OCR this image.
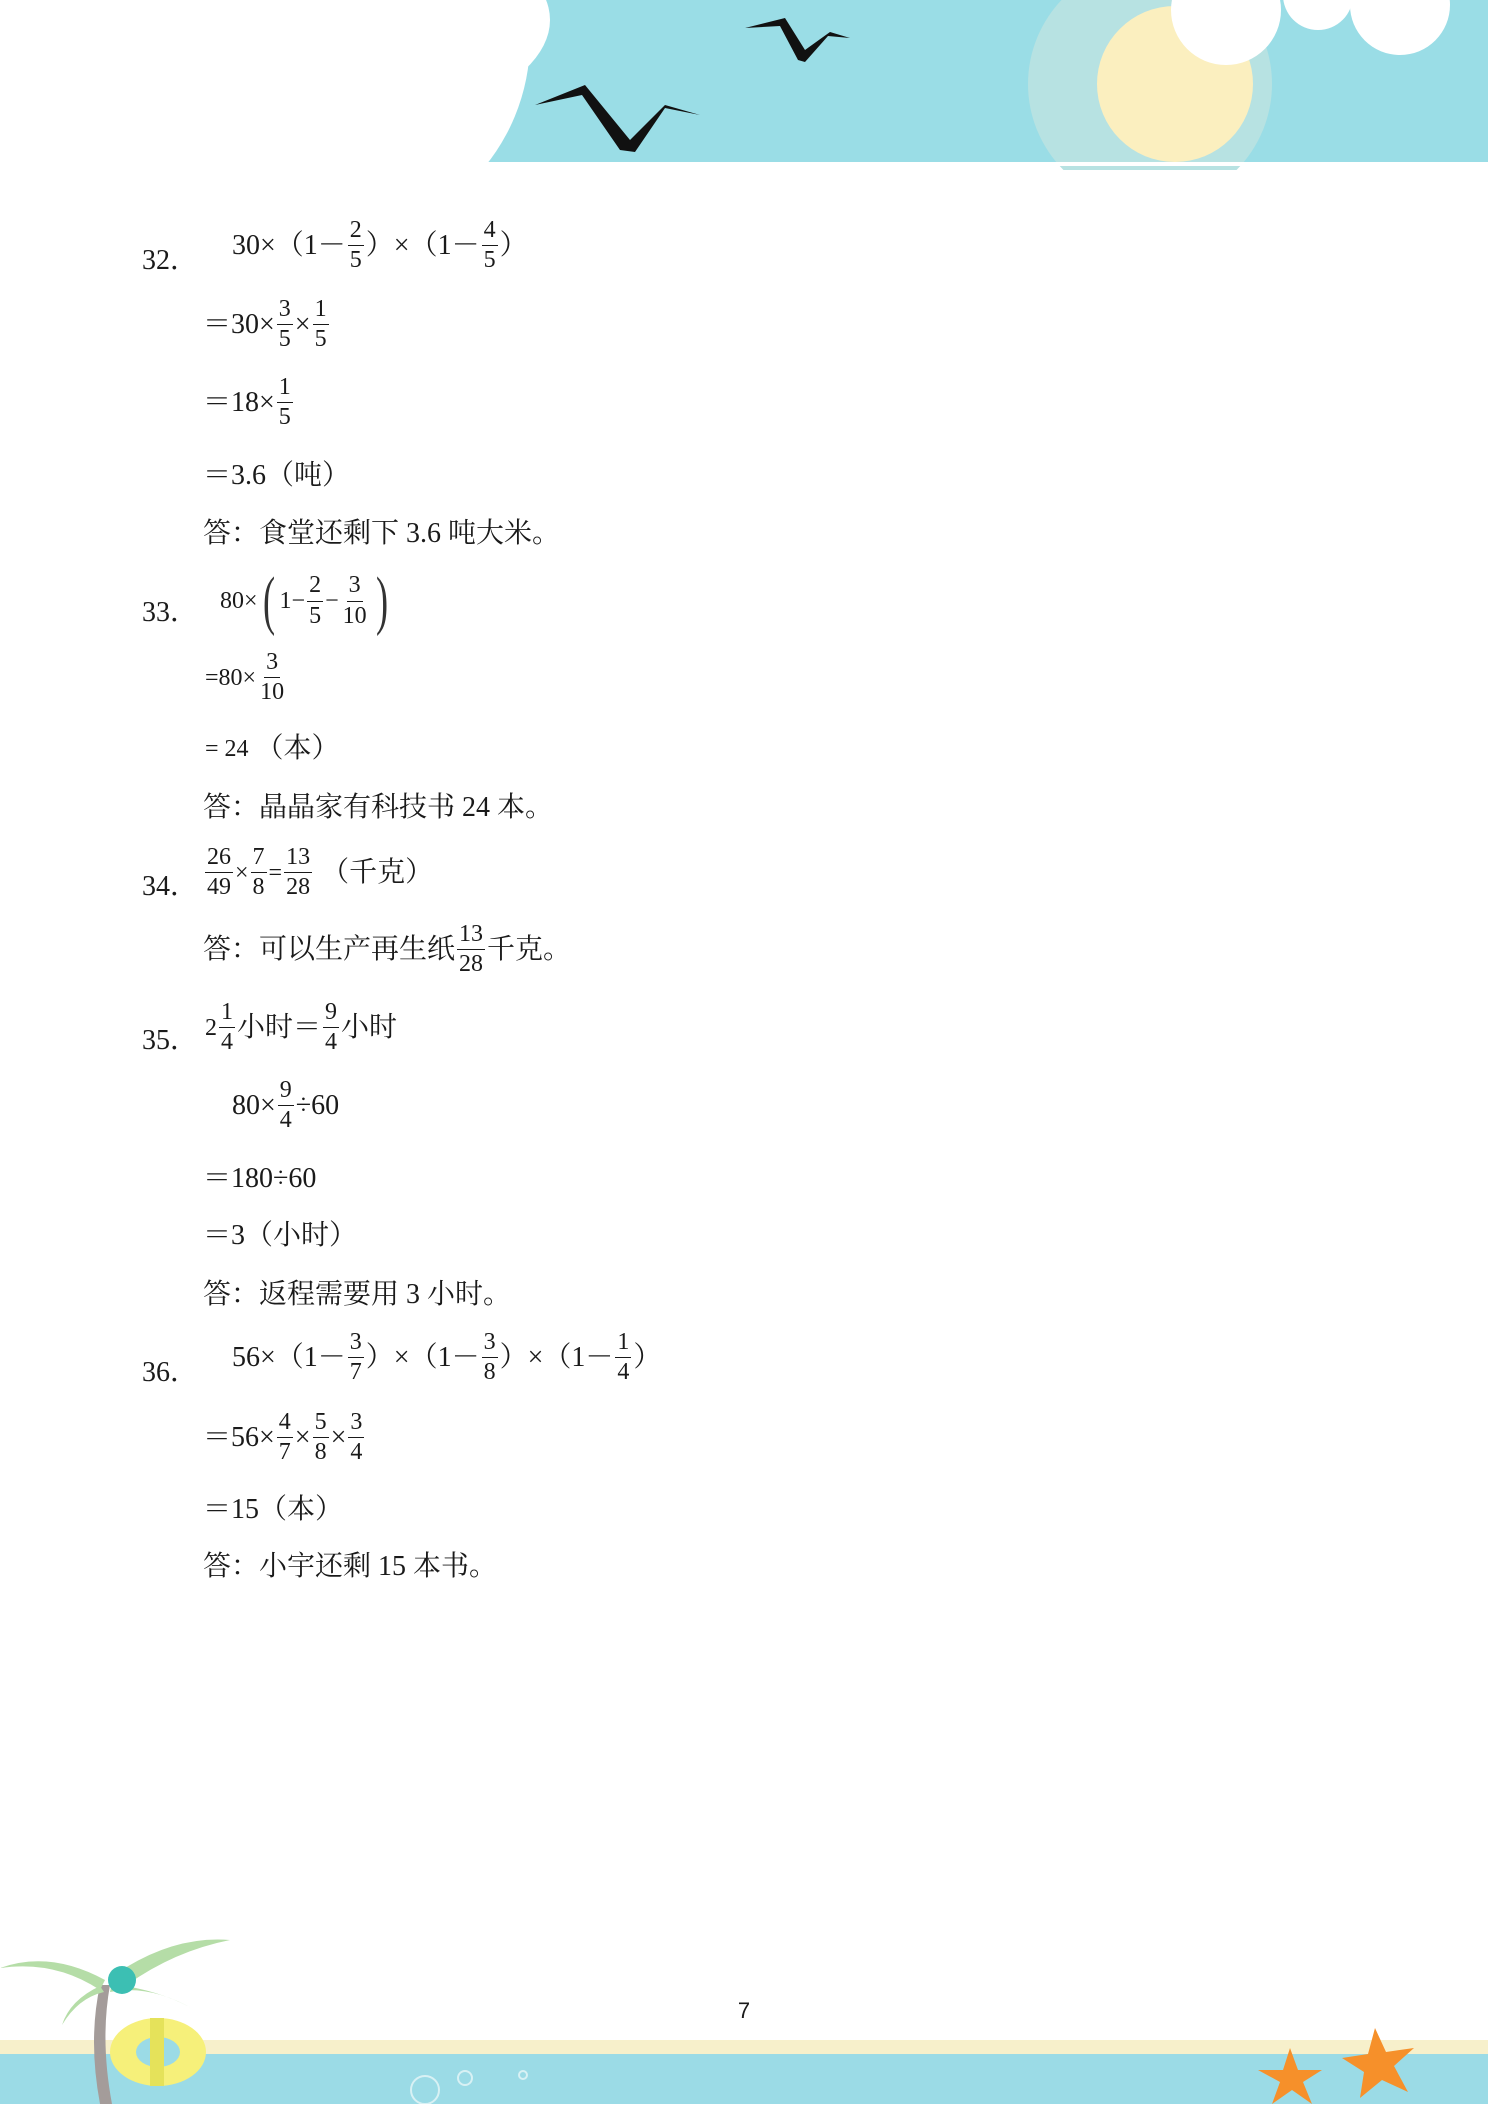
32． $30\times(1- \frac{2}{5} )\times(1- \frac{4}{5}$ ）
$=30\times \frac{3}{5} \times \frac{1}{5}$
$=18\times \frac{1}{5}$
＝3.6（吨）
答：食堂还剩下 3.6 吨大米。
33． 80× ( $1- \frac{2}{5} - \frac{3}{10}$ )
$=80\times \frac{3}{10}$
= 24
（本）
答：晶晶家有科技书 24 本。
34． $\frac{26}{49} \times \frac{7}{8} = \frac{13}{28}$
（千克）
答：可以生产再生纸 $\frac{13}{28}$ 千克。
35． $2 \frac{1}{4}$ 小时＝ $\frac{9}{4}$ 小时
$80\times \frac{9}{4} \div 60$
＝180÷60
＝3（小时）
答：返程需要用 3 小时。
36． $56\times(1- \frac{3}{7} )\times(1- \frac{3}{8} )\times(1- \frac{1}{4}$ ）
$=56\times \frac{4}{7} \times \frac{5}{8} \times \frac{3}{4}$
＝15（本）
答：小宇还剩 15 本书。
7
